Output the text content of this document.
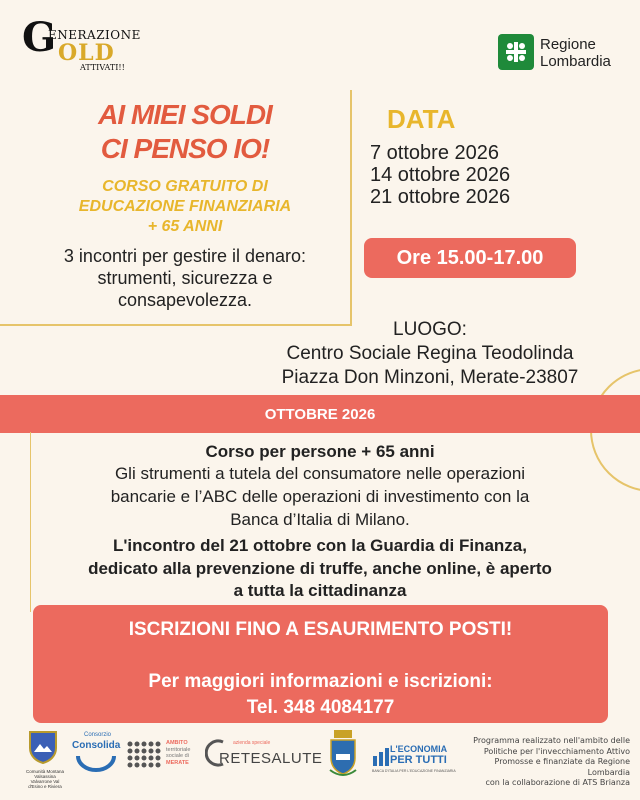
G
ENERAZIONE
OLD
ATTIVATI!!
Regione
Lombardia
AI MIEI SOLDI
CI PENSO IO!
CORSO GRATUITO DI
EDUCAZIONE FINANZIARIA
+ 65 ANNI
3 incontri per gestire il denaro:
strumenti, sicurezza e
consapevolezza.
DATA
7 ottobre 2026
14 ottobre 2026
21 ottobre 2026
Ore 15.00-17.00
LUOGO:
Centro Sociale Regina Teodolinda
Piazza Don Minzoni, Merate-23807
OTTOBRE 2026
Corso per persone + 65 anni
Gli strumenti a tutela del consumatore nelle operazioni
bancarie e l’ABC delle operazioni di investimento con la
Banca d’Italia di Milano.
L'incontro del 21 ottobre con la Guardia di Finanza,
dedicato alla prevenzione di truffe, anche online, è aperto
a tutta la cittadinanza
ISCRIZIONI FINO A ESAURIMENTO POSTI!
Per maggiori informazioni e iscrizioni:
Tel. 348 4084177
Comunità Montana Valsassina Valvarrone Val d'Esino e Riviera
Consorzio
Consolida	AMBITO
territoriale
sociale di
MERATE
azienda speciale
RETESALUTE
L'ECONOMIA
PER TUTTI
BANCA D'ITALIA PER L'EDUCAZIONE FINANZIARIA
Programma realizzato nell'ambito delle
Politiche per l'invecchiamento Attivo
Promosse e finanziate da Regione Lombardia
con la collaborazione di ATS Brianza
